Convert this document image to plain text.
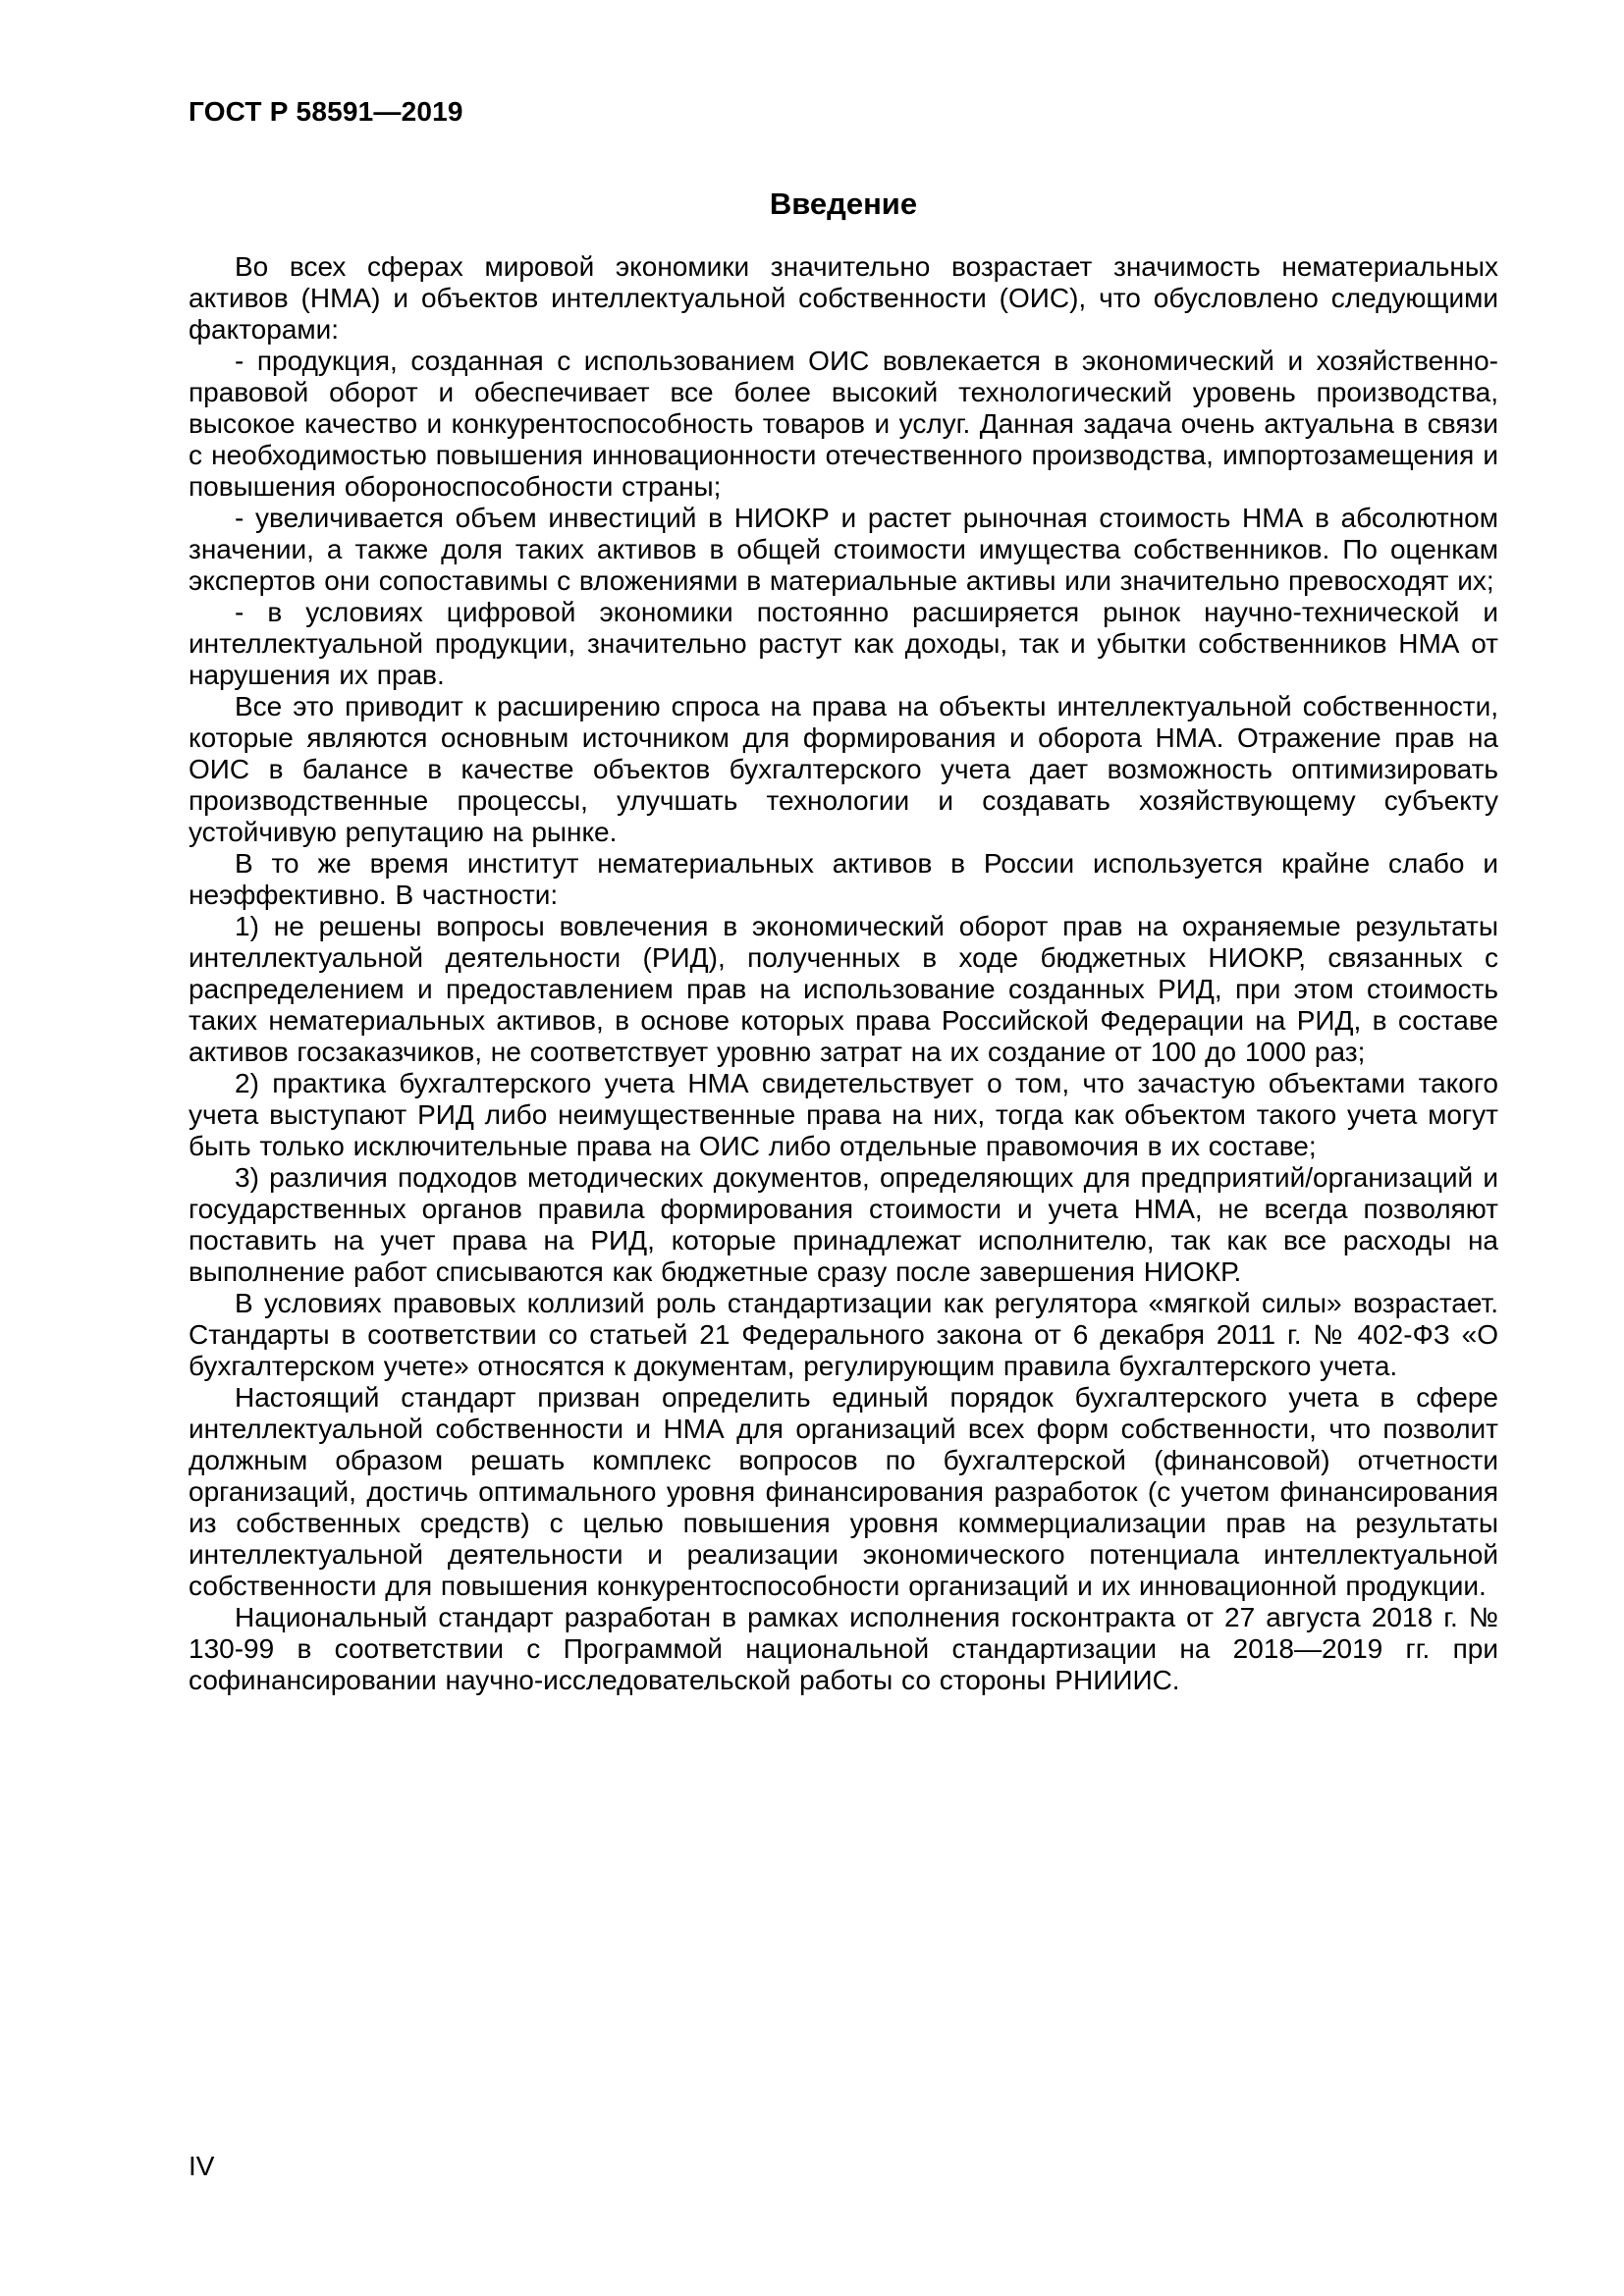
ГОСТ Р 58591—2019
Введение

Во всех сферах мировой экономики значительно возрастает значимость нематериальных активов (НМА) и объектов интеллектуальной собственности (ОИС), что обусловлено следующими факторами:

- продукция, созданная с использованием ОИС вовлекается в экономический и хозяйственно-правовой оборот и обеспечивает все более высокий технологический уровень производства, высокое качество и конкурентоспособность товаров и услуг. Данная задача очень актуальна в связи с необходимостью повышения инновационности отечественного производства, импортозамещения и повышения обороноспособности страны;

- увеличивается объем инвестиций в НИОКР и растет рыночная стоимость НМА в абсолютном значении, а также доля таких активов в общей стоимости имущества собственников. По оценкам экспертов они сопоставимы с вложениями в материальные активы или значительно превосходят их;

- в условиях цифровой экономики постоянно расширяется рынок научно-технической и интеллектуальной продукции, значительно растут как доходы, так и убытки собственников НМА от нарушения их прав.

Все это приводит к расширению спроса на права на объекты интеллектуальной собственности, которые являются основным источником для формирования и оборота НМА. Отражение прав на ОИС в балансе в качестве объектов бухгалтерского учета дает возможность оптимизировать производственные процессы, улучшать технологии и создавать хозяйствующему субъекту устойчивую репутацию на рынке.

В то же время институт нематериальных активов в России используется крайне слабо и неэффективно. В частности:

1) не решены вопросы вовлечения в экономический оборот прав на охраняемые результаты интеллектуальной деятельности (РИД), полученных в ходе бюджетных НИОКР, связанных с распределением и предоставлением прав на использование созданных РИД, при этом стоимость таких нематериальных активов, в основе которых права Российской Федерации на РИД, в составе активов госзаказчиков, не соответствует уровню затрат на их создание от 100 до 1000 раз;

2) практика бухгалтерского учета НМА свидетельствует о том, что зачастую объектами такого учета выступают РИД либо неимущественные права на них, тогда как объектом такого учета могут быть только исключительные права на ОИС либо отдельные правомочия в их составе;

3) различия подходов методических документов, определяющих для предприятий/организаций и государственных органов правила формирования стоимости и учета НМА, не всегда позволяют поставить на учет права на РИД, которые принадлежат исполнителю, так как все расходы на выполнение работ списываются как бюджетные сразу после завершения НИОКР.

В условиях правовых коллизий роль стандартизации как регулятора «мягкой силы» возрастает. Стандарты в соответствии со статьей 21 Федерального закона от 6 декабря 2011 г. № 402-ФЗ «О бухгалтерском учете» относятся к документам, регулирующим правила бухгалтерского учета.

Настоящий стандарт призван определить единый порядок бухгалтерского учета в сфере интеллектуальной собственности и НМА для организаций всех форм собственности, что позволит должным образом решать комплекс вопросов по бухгалтерской (финансовой) отчетности организаций, достичь оптимального уровня финансирования разработок (с учетом финансирования из собственных средств) с целью повышения уровня коммерциализации прав на результаты интеллектуальной деятельности и реализации экономического потенциала интеллектуальной собственности для повышения конкурентоспособности организаций и их инновационной продукции.

Национальный стандарт разработан в рамках исполнения госконтракта от 27 августа 2018 г. № 130-99 в соответствии с Программой национальной стандартизации на 2018—2019 гг. при софинансировании научно-исследовательской работы со стороны РНИИИС.

IV
